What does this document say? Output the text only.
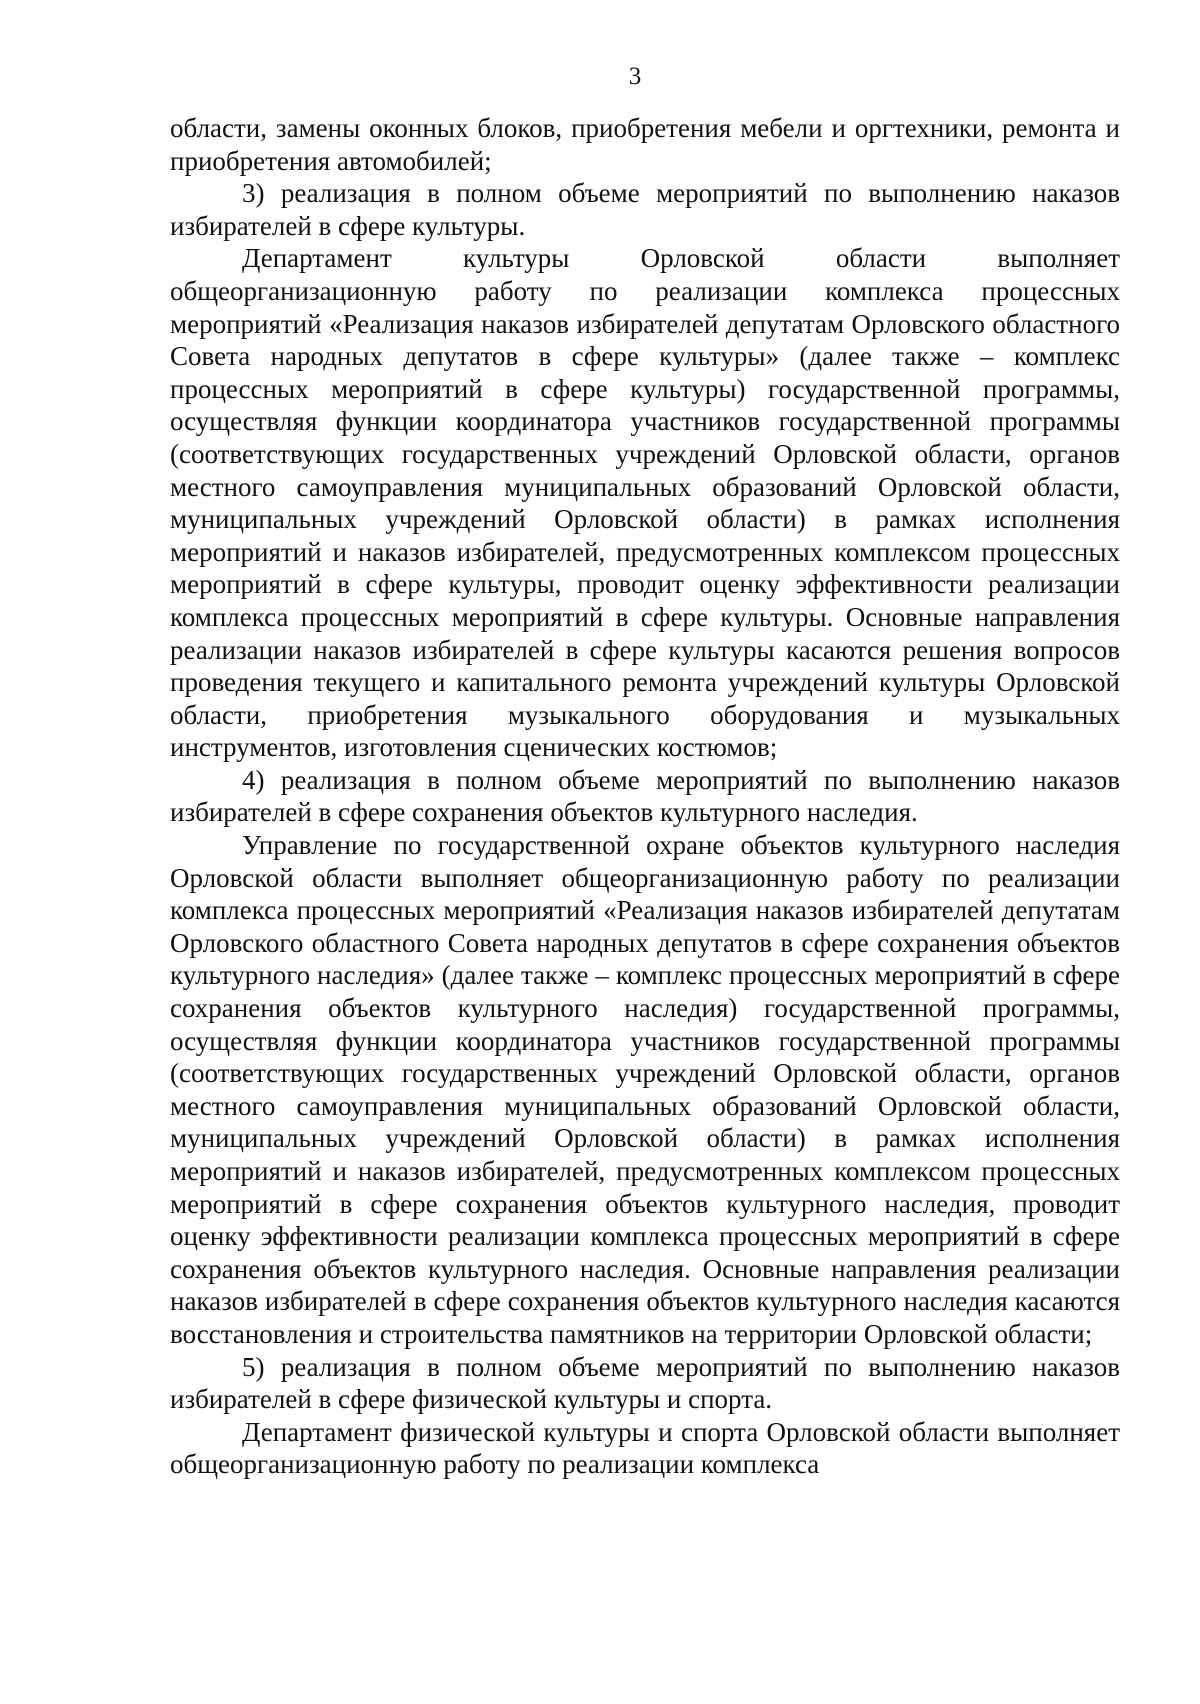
3

области, замены оконных блоков, приобретения мебели и оргтехники, ремонта и приобретения автомобилей;

3) реализация в полном объеме мероприятий по выполнению наказов избирателей в сфере культуры.

Департамент культуры Орловской области выполняет общеорганизационную работу по реализации комплекса процессных мероприятий «Реализация наказов избирателей депутатам Орловского областного Совета народных депутатов в сфере культуры» (далее также – комплекс процессных мероприятий в сфере культуры) государственной программы, осуществляя функции координатора участников государственной программы (соответствующих государственных учреждений Орловской области, органов местного самоуправления муниципальных образований Орловской области, муниципальных учреждений Орловской области) в рамках исполнения мероприятий и наказов избирателей, предусмотренных комплексом процессных мероприятий в сфере культуры, проводит оценку эффективности реализации комплекса процессных мероприятий в сфере культуры. Основные направления реализации наказов избирателей в сфере культуры касаются решения вопросов проведения текущего и капитального ремонта учреждений культуры Орловской области, приобретения музыкального оборудования и музыкальных инструментов, изготовления сценических костюмов;

4) реализация в полном объеме мероприятий по выполнению наказов избирателей в сфере сохранения объектов культурного наследия.

Управление по государственной охране объектов культурного наследия Орловской области выполняет общеорганизационную работу по реализации комплекса процессных мероприятий «Реализация наказов избирателей депутатам Орловского областного Совета народных депутатов в сфере сохранения объектов культурного наследия» (далее также – комплекс процессных мероприятий в сфере сохранения объектов культурного наследия) государственной программы, осуществляя функции координатора участников государственной программы (соответствующих государственных учреждений Орловской области, органов местного самоуправления муниципальных образований Орловской области, муниципальных учреждений Орловской области) в рамках исполнения мероприятий и наказов избирателей, предусмотренных комплексом процессных мероприятий в сфере сохранения объектов культурного наследия, проводит оценку эффективности реализации комплекса процессных мероприятий в сфере сохранения объектов культурного наследия. Основные направления реализации наказов избирателей в сфере сохранения объектов культурного наследия касаются восстановления и строительства памятников на территории Орловской области;

5) реализация в полном объеме мероприятий по выполнению наказов избирателей в сфере физической культуры и спорта.

Департамент физической культуры и спорта Орловской области выполняет общеорганизационную работу по реализации комплекса
